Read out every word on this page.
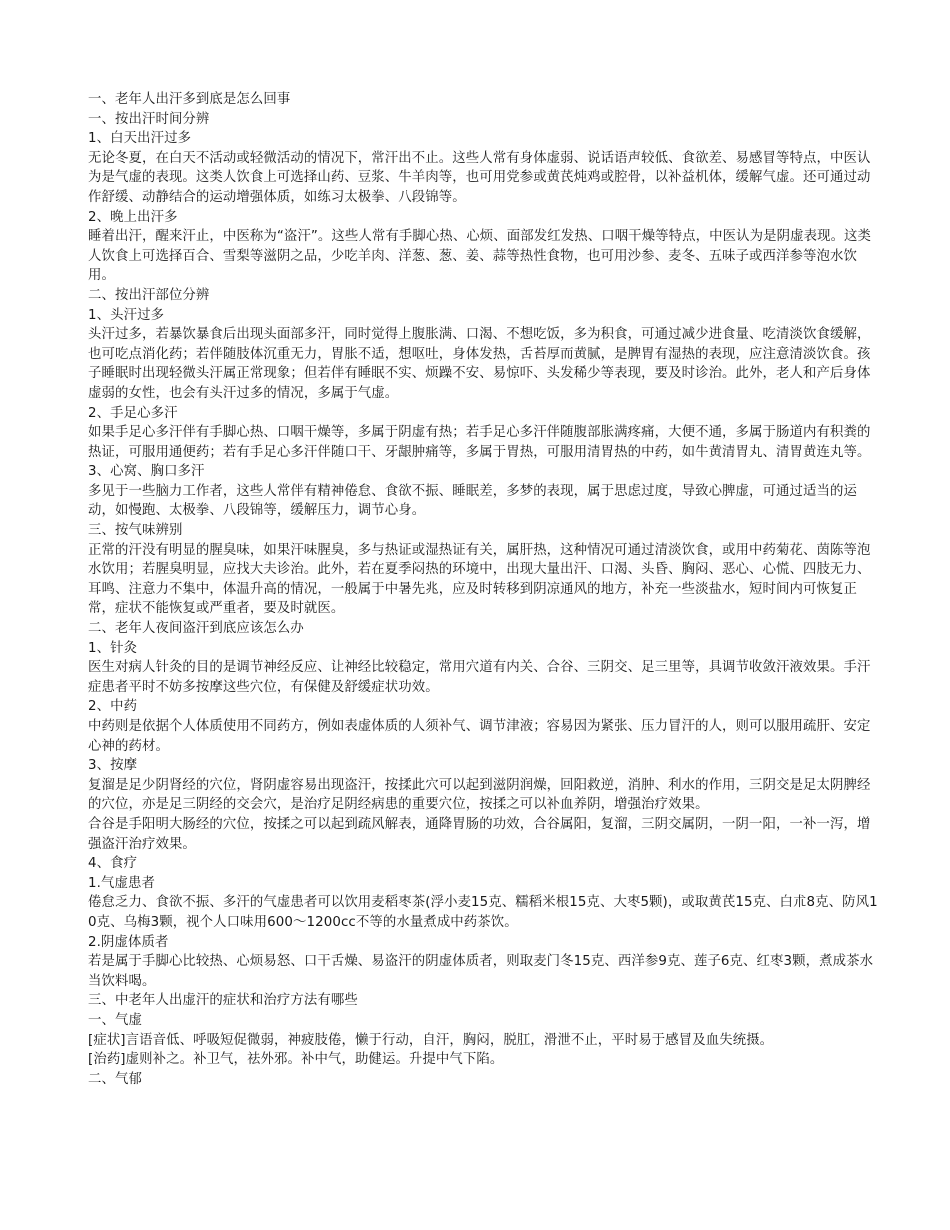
一、老年人出汗多到底是怎么回事

一、按出汗时间分辨

1、白天出汗过多

无论冬夏，在白天不活动或轻微活动的情况下，常汗出不止。这些人常有身体虚弱、说话语声较低、食欲差、易感冒等特点，中医认为是气虚的表现。这类人饮食上可选择山药、豆浆、牛羊肉等，也可用党参或黄芪炖鸡或腔骨，以补益机体，缓解气虚。还可通过动作舒缓、动静结合的运动增强体质，如练习太极拳、八段锦等。

2、晚上出汗多

睡着出汗，醒来汗止，中医称为“盗汗”。这些人常有手脚心热、心烦、面部发红发热、口咽干燥等特点，中医认为是阴虚表现。这类人饮食上可选择百合、雪梨等滋阴之品，少吃羊肉、洋葱、葱、姜、蒜等热性食物，也可用沙参、麦冬、五味子或西洋参等泡水饮用。

二、按出汗部位分辨

1、头汗过多

头汗过多，若暴饮暴食后出现头面部多汗，同时觉得上腹胀满、口渴、不想吃饭，多为积食，可通过减少进食量、吃清淡饮食缓解，也可吃点消化药；若伴随肢体沉重无力，胃胀不适，想呕吐，身体发热，舌苔厚而黄腻，是脾胃有湿热的表现，应注意清淡饮食。孩子睡眠时出现轻微头汗属正常现象；但若伴有睡眠不实、烦躁不安、易惊吓、头发稀少等表现，要及时诊治。此外，老人和产后身体虚弱的女性，也会有头汗过多的情况，多属于气虚。

2、手足心多汗

如果手足心多汗伴有手脚心热、口咽干燥等，多属于阴虚有热；若手足心多汗伴随腹部胀满疼痛，大便不通，多属于肠道内有积粪的热证，可服用通便药；若有手足心多汗伴随口干、牙龈肿痛等，多属于胃热，可服用清胃热的中药，如牛黄清胃丸、清胃黄连丸等。

3、心窝、胸口多汗

多见于一些脑力工作者，这些人常伴有精神倦怠、食欲不振、睡眠差，多梦的表现，属于思虑过度，导致心脾虚，可通过适当的运动，如慢跑、太极拳、八段锦等，缓解压力，调节心身。

三、按气味辨别

正常的汗没有明显的腥臭味，如果汗味腥臭，多与热证或湿热证有关，属肝热，这种情况可通过清淡饮食，或用中药菊花、茵陈等泡水饮用；若腥臭明显，应找大夫诊治。此外，若在夏季闷热的环境中，出现大量出汗、口渴、头昏、胸闷、恶心、心慌、四肢无力、耳鸣、注意力不集中，体温升高的情况，一般属于中暑先兆，应及时转移到阴凉通风的地方，补充一些淡盐水，短时间内可恢复正常，症状不能恢复或严重者，要及时就医。

二、老年人夜间盗汗到底应该怎么办

1、针灸

医生对病人针灸的目的是调节神经反应、让神经比较稳定，常用穴道有内关、合谷、三阴交、足三里等，具调节收敛汗液效果。手汗症患者平时不妨多按摩这些穴位，有保健及舒缓症状功效。

2、中药

中药则是依据个人体质使用不同药方，例如表虚体质的人须补气、调节津液；容易因为紧张、压力冒汗的人，则可以服用疏肝、安定心神的药材。

3、按摩

复溜是足少阴肾经的穴位，肾阴虚容易出现盗汗，按揉此穴可以起到滋阴润燥，回阳救逆，消肿、利水的作用，三阴交是足太阴脾经的穴位，亦是足三阴经的交会穴，是治疗足阴经病患的重要穴位，按揉之可以补血养阴，增强治疗效果。

合谷是手阳明大肠经的穴位，按揉之可以起到疏风解表，通降胃肠的功效，合谷属阳，复溜，三阴交属阴，一阴一阳，一补一泻，增强盗汗治疗效果。

4、食疗

1.气虚患者

倦怠乏力、食欲不振、多汗的气虚患者可以饮用麦稻枣茶(浮小麦15克、糯稻米根15克、大枣5颗)，或取黄芪15克、白朮8克、防风10克、乌梅3颗，视个人口味用600～1200cc不等的水量煮成中药茶饮。

2.阴虚体质者

若是属于手脚心比较热、心烦易怒、口干舌燥、易盗汗的阴虚体质者，则取麦门冬15克、西洋参9克、莲子6克、红枣3颗，煮成茶水当饮料喝。

三、中老年人出虚汗的症状和治疗方法有哪些

一、气虚

[症状]言语音低、呼吸短促微弱，神疲肢倦，懒于行动，自汗，胸闷，脱肛，滑泄不止，平时易于感冒及血失统摄。

[治药]虚则补之。补卫气，祛外邪。补中气，助健运。升提中气下陷。

二、气郁
